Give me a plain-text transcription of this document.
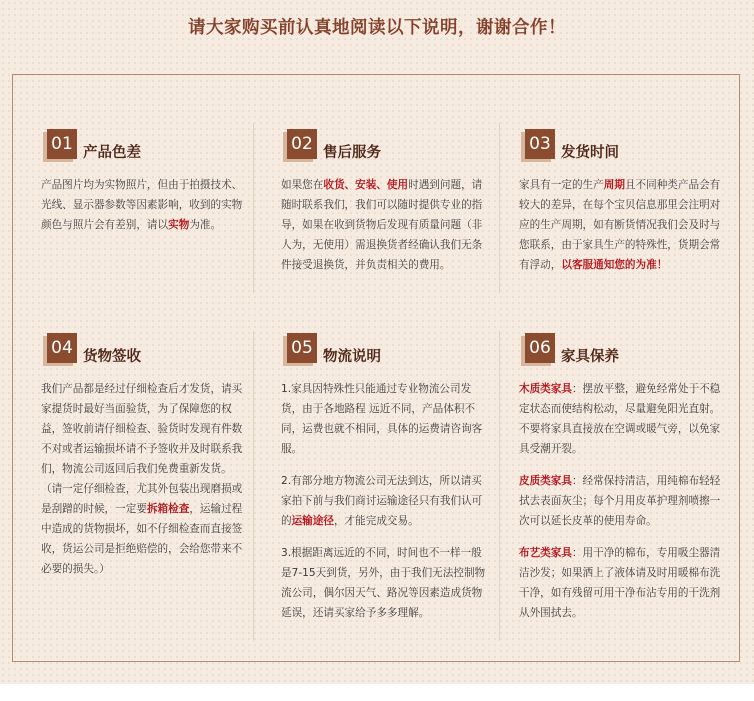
请大家购买前认真地阅读以下说明，谢谢合作！
01 产品色差

产品图片均为实物照片，但由于拍摄技术、光线、显示器参数等因素影响，收到的实物颜色与照片会有差别，请以实物为准。

02 售后服务

如果您在收货、安装、使用时遇到问题，请随时联系我们，我们可以随时提供专业的指导，如果在收到货物后发现有质量问题（非人为，无使用）需退换货者经确认我们无条件接受退换货，并负责相关的费用。

03 发货时间

家具有一定的生产周期且不同种类产品会有较大的差异，在每个宝贝信息那里会注明对应的生产周期，如有断货情况我们会及时与您联系，由于家具生产的特殊性，货期会常有浮动，以客服通知您的为准！

04 货物签收

我们产品都是经过仔细检查后才发货，请买家提货时最好当面验货，为了保障您的权益，签收前请仔细检查、验货时发现有件数不对或者运输损坏请不予签收并及时联系我们，物流公司返回后我们免费重新发货。（请一定仔细检查，尤其外包装出现磨损或是刮蹭的时候，一定要拆箱检查，运输过程中造成的货物损坏，如不仔细检查而直接签收，货运公司是拒绝赔偿的，会给您带来不必要的损失。）

05 物流说明

1.家具因特殊性只能通过专业物流公司发货，由于各地路程 远近不同，产品体积不同，运费也就不相同，具体的运费请咨询客服。

2.有部分地方物流公司无法到达，所以请买家拍下前与我们商讨运输途径只有我们认可的运输途径，才能完成交易。

3.根据距离远近的不同，时间也不一样一般是7-15天到货，另外，由于我们无法控制物流公司，偶尔因天气、路况等因素造成货物延误，还请买家给予多多理解。

06 家具保养

木质类家具：摆放平整，避免经常处于不稳定状态而使结构松动，尽量避免阳光直射。不要将家具直接放在空调或暖气旁，以免家具受潮开裂。

皮质类家具：经常保持清洁，用纯棉布轻轻拭去表面灰尘；每个月用皮革护理剂喷擦一次可以延长皮革的使用寿命。

布艺类家具：用干净的棉布，专用吸尘器清洁沙发；如果洒上了液体请及时用暖棉布洗干净，如有残留可用干净布沾专用的干洗剂从外围拭去。
